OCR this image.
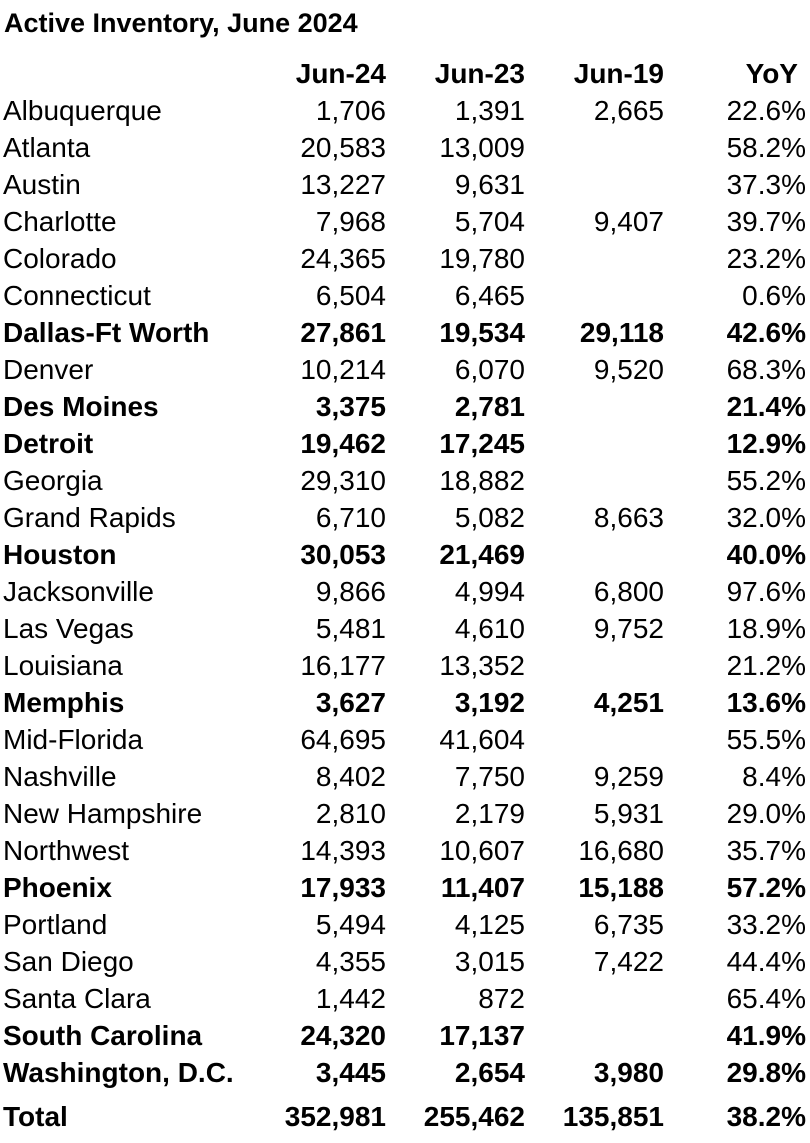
Active Inventory, June 2024
	Jun-24	Jun-23	Jun-19	YoY
Albuquerque	1,706	1,391	2,665	22.6%
Atlanta	20,583	13,009		58.2%
Austin	13,227	9,631		37.3%
Charlotte	7,968	5,704	9,407	39.7%
Colorado	24,365	19,780		23.2%
Connecticut	6,504	6,465		0.6%
Dallas-Ft Worth	27,861	19,534	29,118	42.6%
Denver	10,214	6,070	9,520	68.3%
Des Moines	3,375	2,781		21.4%
Detroit	19,462	17,245		12.9%
Georgia	29,310	18,882		55.2%
Grand Rapids	6,710	5,082	8,663	32.0%
Houston	30,053	21,469		40.0%
Jacksonville	9,866	4,994	6,800	97.6%
Las Vegas	5,481	4,610	9,752	18.9%
Louisiana	16,177	13,352		21.2%
Memphis	3,627	3,192	4,251	13.6%
Mid-Florida	64,695	41,604		55.5%
Nashville	8,402	7,750	9,259	8.4%
New Hampshire	2,810	2,179	5,931	29.0%
Northwest	14,393	10,607	16,680	35.7%
Phoenix	17,933	11,407	15,188	57.2%
Portland	5,494	4,125	6,735	33.2%
San Diego	4,355	3,015	7,422	44.4%
Santa Clara	1,442	872		65.4%
South Carolina	24,320	17,137		41.9%
Washington, D.C.	3,445	2,654	3,980	29.8%
Total	352,981	255,462	135,851	38.2%
